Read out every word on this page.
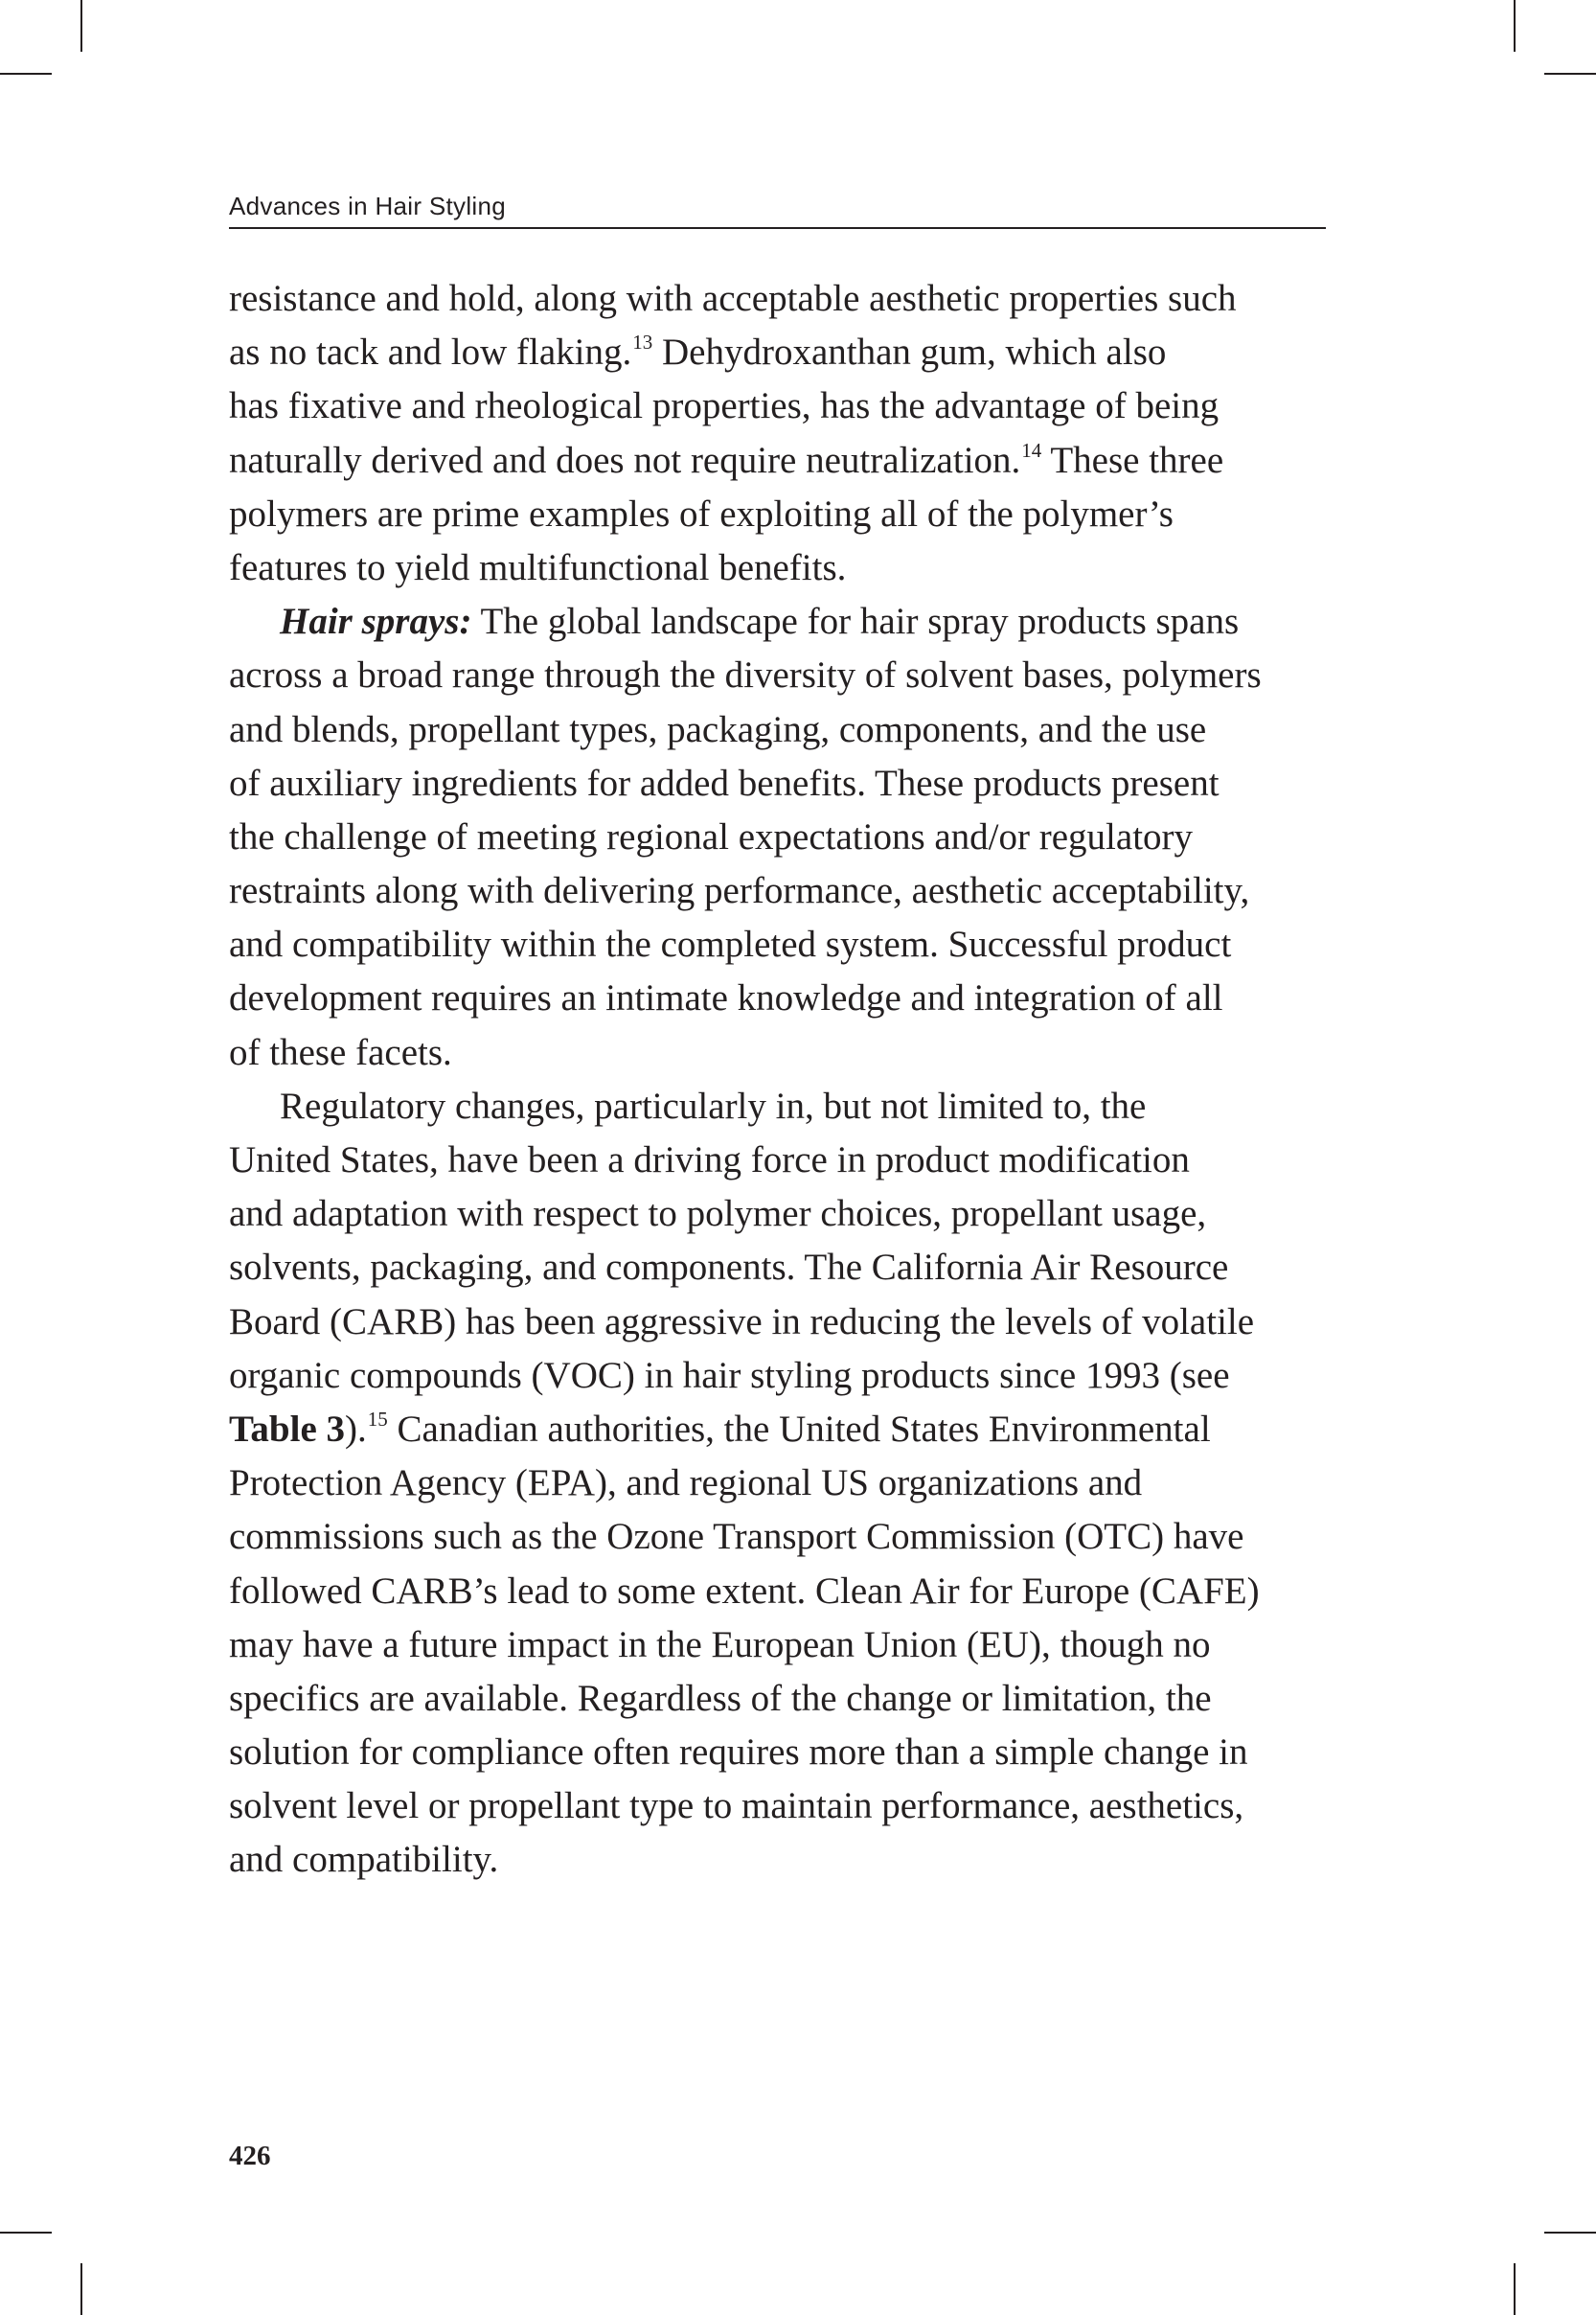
Advances in Hair Styling
resistance and hold, along with acceptable aesthetic properties such
as no tack and low flaking.$^{13}$ Dehydroxanthan gum, which also
has fixative and rheological properties, has the advantage of being
naturally derived and does not require neutralization.$^{14}$ These three
polymers are prime examples of exploiting all of the polymer’s
features to yield multifunctional benefits.
Hair sprays: The global landscape for hair spray products spans
across a broad range through the diversity of solvent bases, polymers
and blends, propellant types, packaging, components, and the use
of auxiliary ingredients for added benefits. These products present
the challenge of meeting regional expectations and/or regulatory
restraints along with delivering performance, aesthetic acceptability,
and compatibility within the completed system. Successful product
development requires an intimate knowledge and integration of all
of these facets.
Regulatory changes, particularly in, but not limited to, the
United States, have been a driving force in product modification
and adaptation with respect to polymer choices, propellant usage,
solvents, packaging, and components. The California Air Resource
Board (CARB) has been aggressive in reducing the levels of volatile
organic compounds (VOC) in hair styling products since 1993 (see
Table 3).$^{15}$ Canadian authorities, the United States Environmental
Protection Agency (EPA), and regional US organizations and
commissions such as the Ozone Transport Commission (OTC) have
followed CARB’s lead to some extent. Clean Air for Europe (CAFE)
may have a future impact in the European Union (EU), though no
specifics are available. Regardless of the change or limitation, the
solution for compliance often requires more than a simple change in
solvent level or propellant type to maintain performance, aesthetics,
and compatibility.
426
